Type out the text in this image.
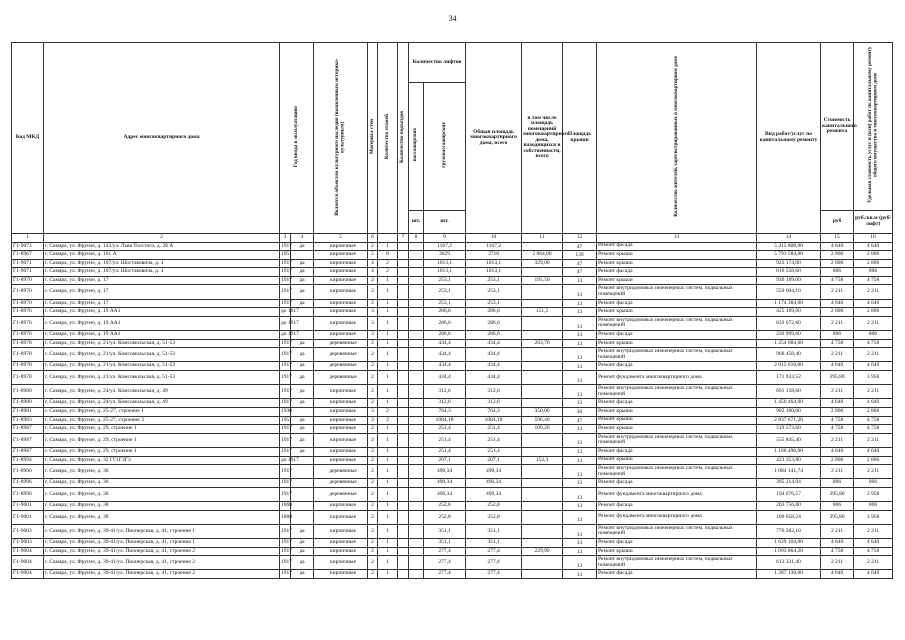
34
Код МКД	Адрес многоквартирного дома	Год ввода в эксплуатацию		Является объектом культурного наследия (выявленным историко-культурным)	Материал стен	Количество этажей	Количество подъездов	Количество лифтов		Общая площадь многоквартирного дома, всего	в том числе площадь помещений многоквартирного дома, находящихся в собственности, всего	Площадь крыши	Количество жителей, зарегистрированных в многоквартирном доме	Вид работ/услуг по капитальному ремонту	Стоимость капитального ремонта	Удельная стоимость услуг и (или) работ по капитальному ремонту общего имущества в многоквартирном доме	
								пассажирских	грузопассажирских								
								шт.	шт.						руб	руб./кв.м (руб/лифт)	
1	2	3	4	5	6		7	8	9	10	11	12	13	14	15	16	
Г1-9072	г. Самара, ул. Фрунзе, д. 143/ул. Льва Толстого, д. 28 А	1917	да	кирпичные	2	1			1167,2	1167,2		47	Ремонт фасада	5 415 808,00	4 640	4 640	
Г1-8967	г. Самара, ул. Фрунзе, д. 161 А	1951		кирпичные	5	8			3029	3718	2 064,00	139	Ремонт крыши	5 791 584,00	2 806	2 806	
Г1-9071	г. Самара, ул. Фрунзе, д. 167/ул. Шостаковича, д. 4	1917	да	кирпичные	4	2			1013,1	1013,1	329,00	47	Ремонт крыши	923 174,00	2 806	2 806	
Г1-9071	г. Самара, ул. Фрунзе, д. 167/ул. Шостаковича, д. 4	1917	да	кирпичные	4	2			1013,1	1013,1		47	Ремонт фасада	816 558,60	806	806	
Г1-8970	г. Самара, ул. Фрунзе, д. 17	1917	да	кирпичные	2	1			253,1	253,1	195,50	13	Ремонт крыши	930 189,00	4 758	4 758	
Г1-8970	г. Самара, ул. Фрунзе, д. 17	1917	да	кирпичные	2	1			253,1	253,1		13	Ремонт внутридомовых инженерных систем, подвальных помещений	559 604,10	2 211	2 211	
Г1-8970	г. Самара, ул. Фрунзе, д. 17	1917	да	кирпичные	2	1			253,1	253,1		13	Ремонт фасада	1 174 384,00	4 640	4 640	
Г1-8976	г. Самара, ул. Фрунзе, д. 19 АА1	до 1917		кирпичные	3	1			286,6	286,6	151,5	13	Ремонт крыши	425 109,00	2 806	2 806	
Г1-8976	г. Самара, ул. Фрунзе, д. 19 АА1	до 1917		кирпичные	3	1			286,6	286,6		13	Ремонт внутридомовых инженерных систем, подвальных помещений	633 672,60	2 211	2 211	
Г1-8976	г. Самара, ул. Фрунзе, д. 19 АА1	до 1917		кирпичные	3	1			286,6	286,6		13	Ремонт фасада	230 999,60	806	806	
Г1-8978	г. Самара, ул. Фрунзе, д. 21/ул. Комсомольская, д. 51-53	1917	да	деревянные	2	1			434,4	434,4	263,70	13	Ремонт крыши	1 254 684,60	4 758	4 758	
Г1-8978	г. Самара, ул. Фрунзе, д. 21/ул. Комсомольская, д. 51-53	1917	да	деревянные	2	1			434,4	434,4		13	Ремонт внутридомовых инженерных систем, подвальных помещений	960 458,40	2 211	2 211	
Г1-8978	г. Самара, ул. Фрунзе, д. 21/ул. Комсомольская, д. 51-53	1917	да	деревянные	2	1			434,4	434,4		13	Ремонт фасада	2 015 616,00	4 640	4 640	
Г1-8978	г. Самара, ул. Фрунзе, д. 21/ул. Комсомольская, д. 51-53	1917	да	деревянные	2	1			434,4	434,4		13	Ремонт фундамента многоквартирного дома	171 933,52	395,80	3 958	
Г1-8980	г. Самара, ул. Фрунзе, д. 24/ул. Комсомольская, д. 49	1917	да	кирпичные	2	1			312,6	312,6		13	Ремонт внутридомовых инженерных систем, подвальных помещений	691 158,60	2 211	2 211	
Г1-8980	г. Самара, ул. Фрунзе, д. 24/ул. Комсомольская, д. 49	1917	да	кирпичные	2	1			312,6	312,6		13	Ремонт фасада	1 450 464,00	4 640	4 640	
Г1-8981	г. Самара, ул. Фрунзе, д. 25-27, строение 1	1930		кирпичные	3	2			764,3	764,3	350,00	36	Ремонт крыши	982 100,00	2 806	2 806	
Г1-8983	г. Самара, ул. Фрунзе, д. 25-27, строение 3	1951	да	кирпичные	3	2			1084,18	1084,18	596,40	47	Ремонт крыши	2 837 671,20	4 758	4 758	
Г1-8987	г. Самара, ул. Фрунзе, д. 29, строение 1	1917	да	кирпичные	2	1			251,4	251,4	109,20	13	Ремонт крыши	519 573,60	4 758	4 758	
Г1-8987	г. Самара, ул. Фрунзе, д. 29, строение 1	1917	да	кирпичные	2	1			251,4	251,4		13	Ремонт внутридомовых инженерных систем, подвальных помещений	555 845,40	2 211	2 211	
Г1-8987	г. Самара, ул. Фрунзе, д. 29, строение 1	1917	да	кирпичные	2	1			251,4	251,4		13	Ремонт фасада	1 166 496,00	4 640	4 640	
Г1-8994	г. Самара, ул. Фрунзе, д. 32 ГГ1Г2Г3	до 1917		кирпичные	2	1			207,1	207,1	152,3	13	Ремонт крыши	423 353,80	2 806	2 806	
Г1-8996	г. Самара, ул. Фрунзе, д. 36	1917		деревянные	2	1			490,34	490,34		13	Ремонт внутридомовых инженерных систем, подвальных помещений	1 084 141,74	2 211	2 211	
Г1-8996	г. Самара, ул. Фрунзе, д. 36	1917		деревянные	2	1			490,34	490,34		13	Ремонт фасада	395 214,04	806	806	
Г1-8996	г. Самара, ул. Фрунзе, д. 36	1917		деревянные	2	1			490,34	490,34		13	Ремонт фундамента многоквартирного дома	194 076,57	395,80	3 958	
Г1-9001	г. Самара, ул. Фрунзе, д. 38	1868		кирпичные	2	1			252,8	252,8		13	Ремонт фасада	203 756,80	806	806	
Г1-9001	г. Самара, ул. Фрунзе, д. 38	1868		кирпичные	2	1			252,8	252,8		13	Ремонт фундамента многоквартирного дома	100 058,24	395,80	3 958	
Г1-9003	г. Самара, ул. Фрунзе, д. 39-41/ул. Пионерская, д. 41, строение 1	1917	да	кирпичные	2	1			351,1	351,1		13	Ремонт внутридомовых инженерных систем, подвальных помещений	776 282,10	2 211	2 211	
Г1-9003	г. Самара, ул. Фрунзе, д. 39-41/ул. Пионерская, д. 41, строение 1	1917	да	кирпичные	2	1			351,1	351,1		13	Ремонт фасада	1 629 104,00	4 640	4 640	
Г1-9004	г. Самара, ул. Фрунзе, д. 39-41/ул. Пионерская, д. 41, строение 2	1917	да	кирпичные	2	1			277,4	277,4	229,90	13	Ремонт крыши	1 093 864,20	4 758	4 758	
Г1-9004	г. Самара, ул. Фрунзе, д. 39-41/ул. Пионерская, д. 41, строение 2	1917	да	кирпичные	2	1			277,4	277,4		13	Ремонт внутридомовых инженерных систем, подвальных помещений	613 331,40	2 211	2 211	
Г1-9004	г. Самара, ул. Фрунзе, д. 39-41/ул. Пионерская, д. 41, строение 2	1917	да	кирпичные	2	1			277,4	277,4		13	Ремонт фасада	1 287 136,00	4 640	4 640	
